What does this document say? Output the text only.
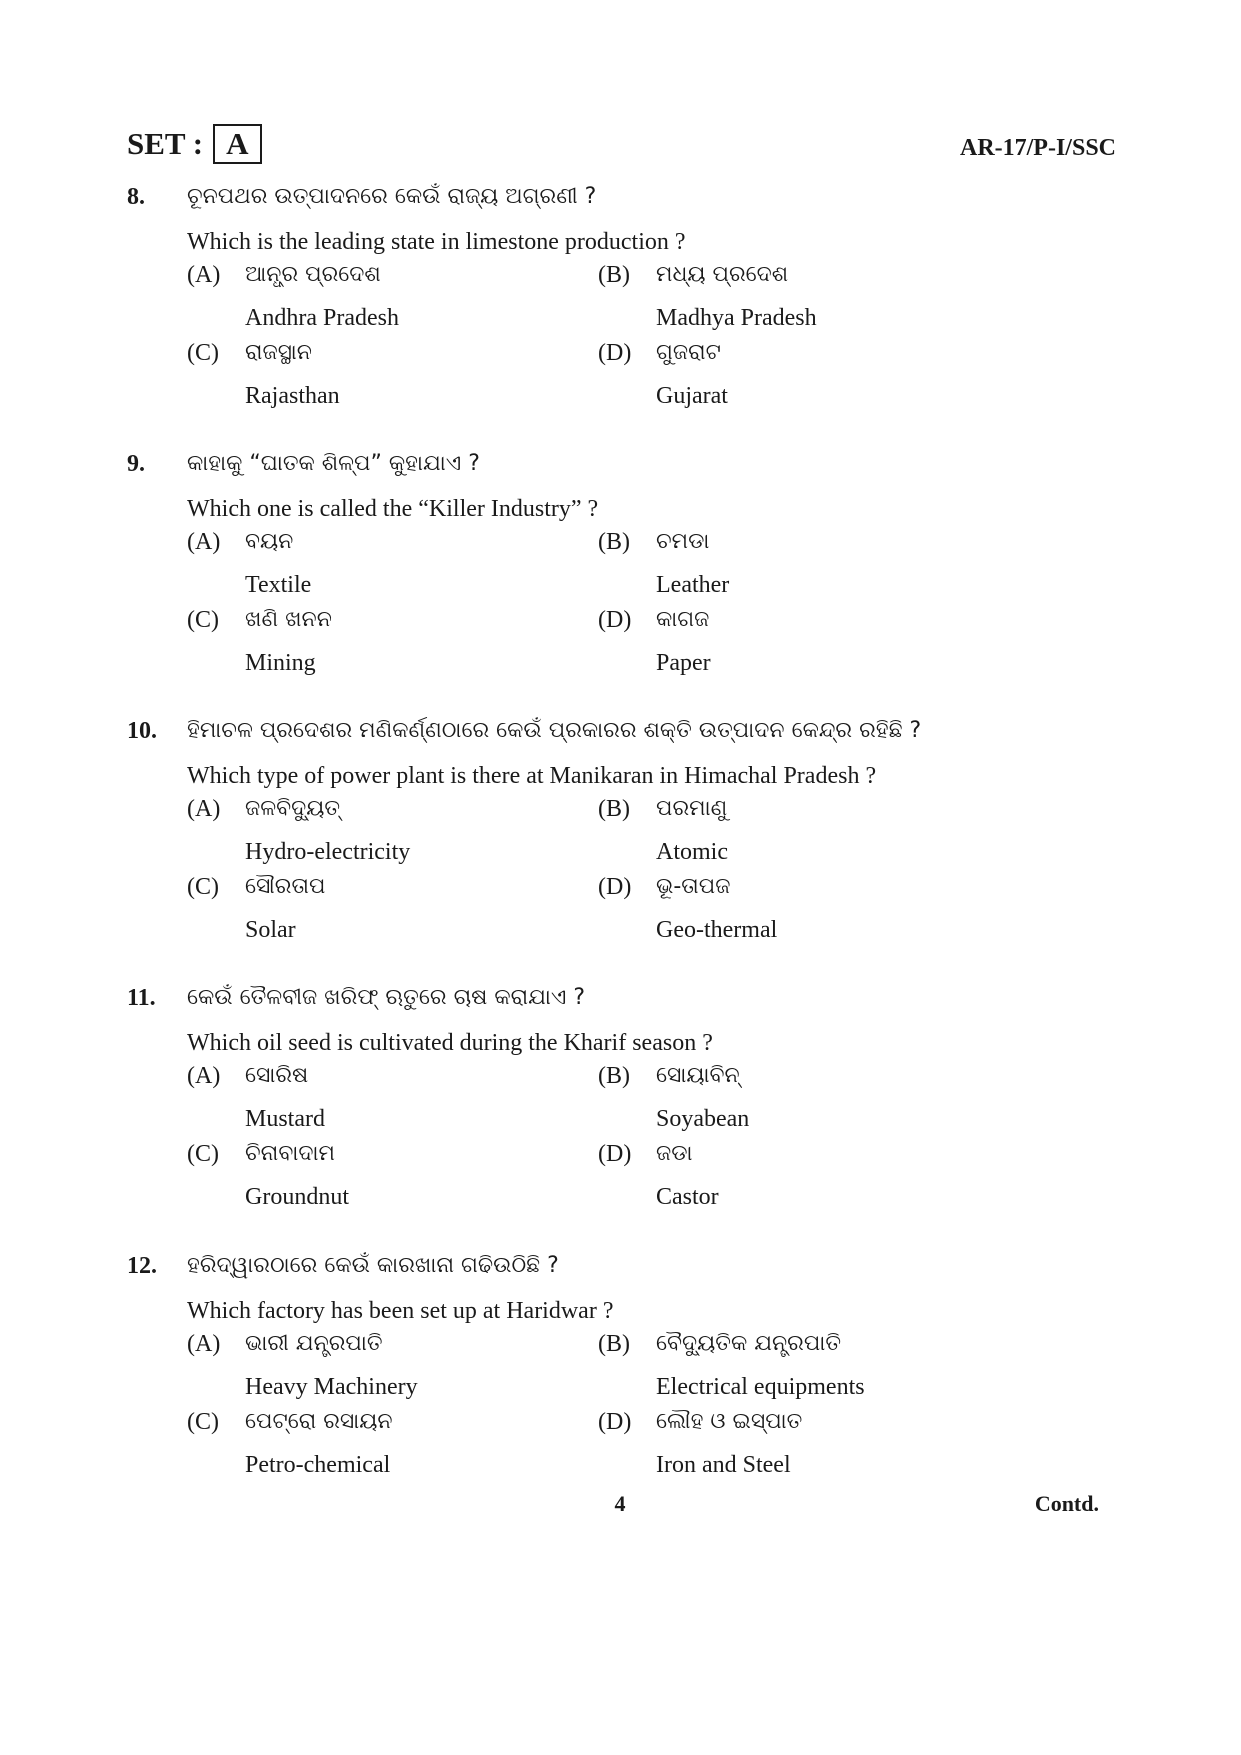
SET : A	AR-17/P-I/SSC
8. ଚୂନପଥର ଉତ୍ପାଦନରେ କେଉଁ ରାଜ୍ୟ ଅଗ୍ରଣୀ ?
Which is the leading state in limestone production ?
(A) ଆନ୍ଧ୍ର ପ୍ରଦେଶ
Andhra Pradesh
(B) ମଧ୍ୟ ପ୍ରଦେଶ
Madhya Pradesh
(C) ରାଜସ୍ଥାନ
Rajasthan
(D) ଗୁଜରାଟ
Gujarat
9. କାହାକୁ “ଘାତକ ଶିଳ୍ପ” କୁହାଯାଏ ?
Which one is called the “Killer Industry” ?
(A) ବୟନ
Textile
(B) ଚମଡା
Leather
(C) ଖଣି ଖନନ
Mining
(D) କାଗଜ
Paper
10. ହିମାଚଳ ପ୍ରଦେଶର ମଣିକର୍ଣ୍ଣଠାରେ କେଉଁ ପ୍ରକାରର ଶକ୍ତି ଉତ୍ପାଦନ କେନ୍ଦ୍ର ରହିଛି ?
Which type of power plant is there at Manikaran in Himachal Pradesh ?
(A) ଜଳବିଦ୍ୟୁତ୍
Hydro-electricity
(B) ପରମାଣୁ
Atomic
(C) ସୌରତାପ
Solar
(D) ଭୂ-ତାପଜ
Geo-thermal
11. କେଉଁ ତୈଳବୀଜ ଖରିଫ୍ ଋତୁରେ ଚାଷ କରାଯାଏ ?
Which oil seed is cultivated during the Kharif season ?
(A) ସୋରିଷ
Mustard
(B) ସୋୟାବିନ୍
Soyabean
(C) ଚିନାବାଦାମ
Groundnut
(D) ଜଡା
Castor
12. ହରିଦ୍ୱାରଠାରେ କେଉଁ କାରଖାନା ଗଢିଉଠିଛି ?
Which factory has been set up at Haridwar ?
(A) ଭାରୀ ଯନ୍ତ୍ରପାତି
Heavy Machinery
(B) ବୈଦ୍ୟୁତିକ ଯନ୍ତ୍ରପାତି
Electrical equipments
(C) ପେଟ୍ରୋ ରସାୟନ
Petro-chemical
(D) ଲୌହ ଓ ଇସ୍ପାତ
Iron and Steel
4	Contd.
